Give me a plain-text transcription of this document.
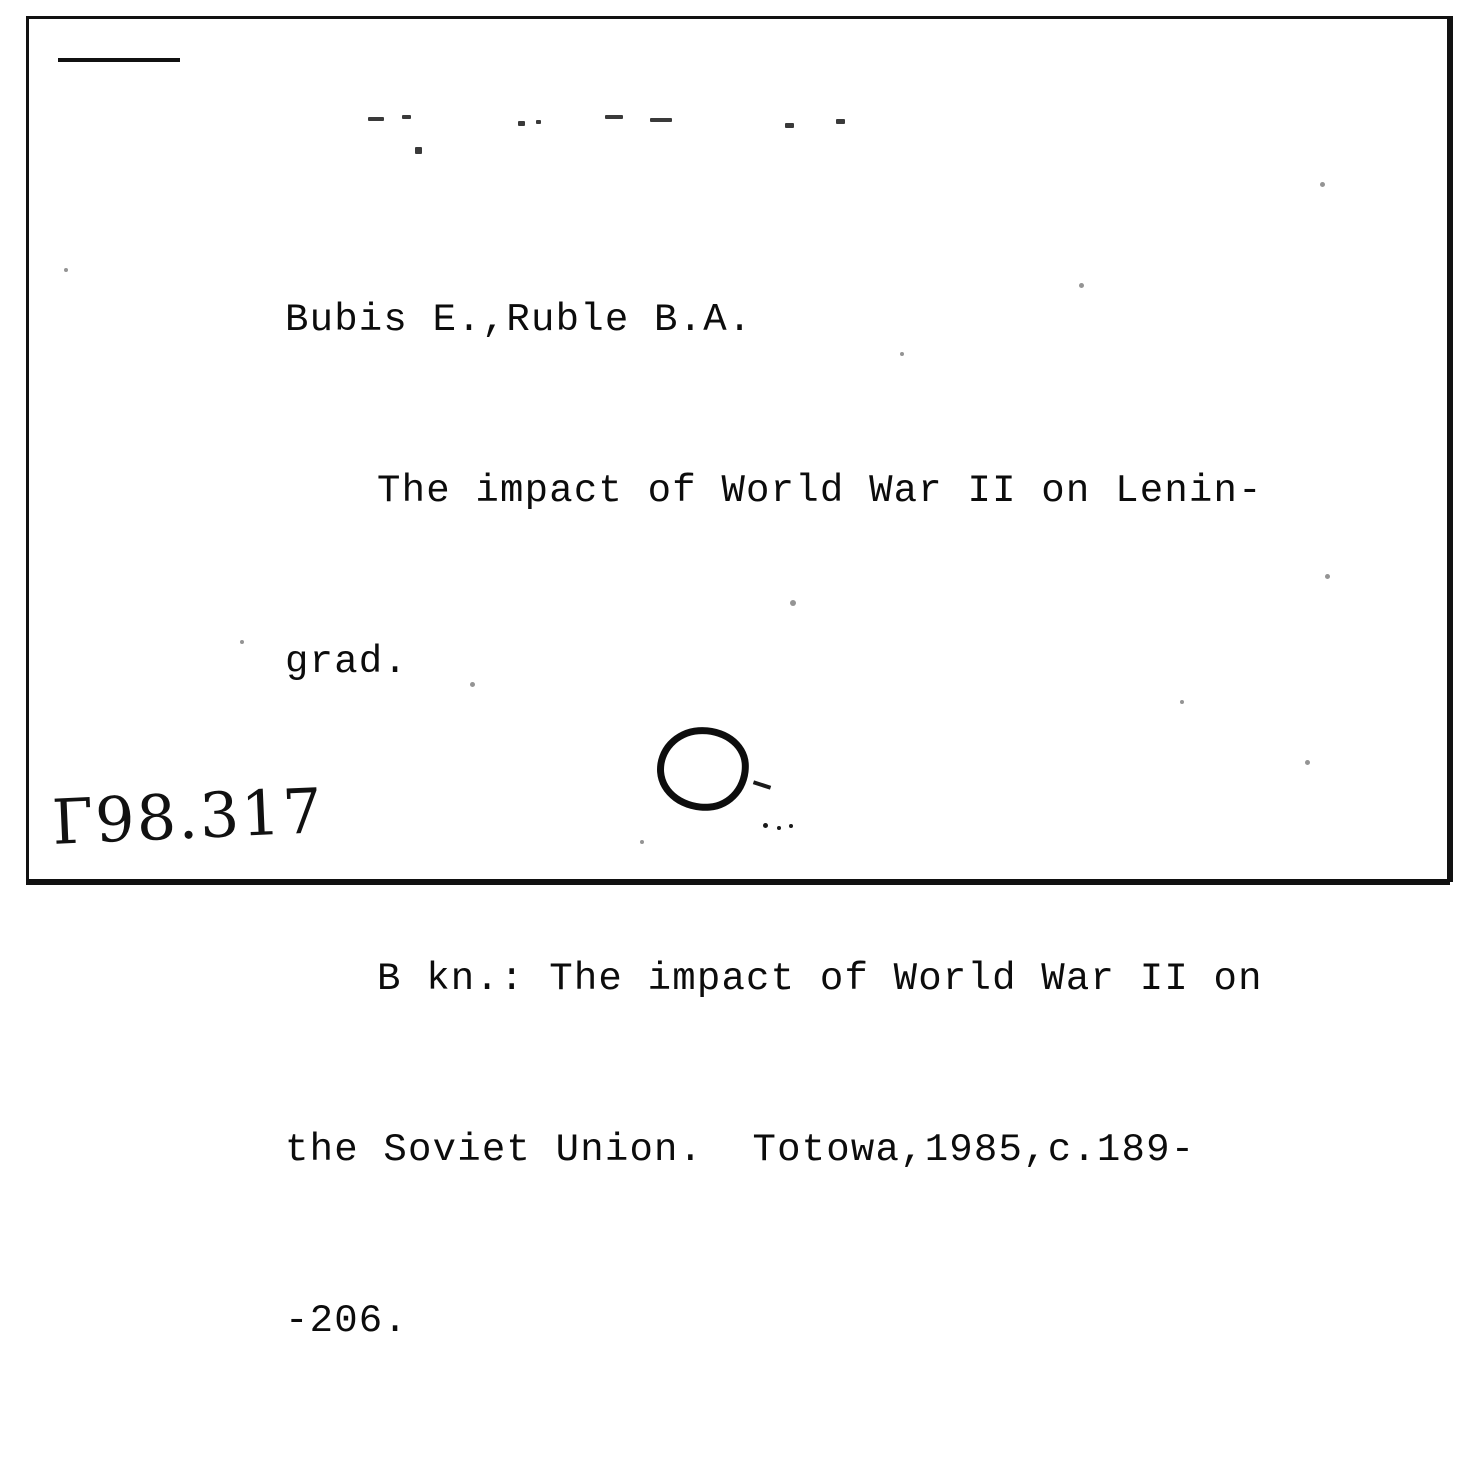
Bubis E.,Ruble B.A.

The impact of World War II on Lenin-

grad.

B kn.: The impact of World War II on

the Soviet Union.  Totowa,1985,c.189-

-206.

Г98.317
